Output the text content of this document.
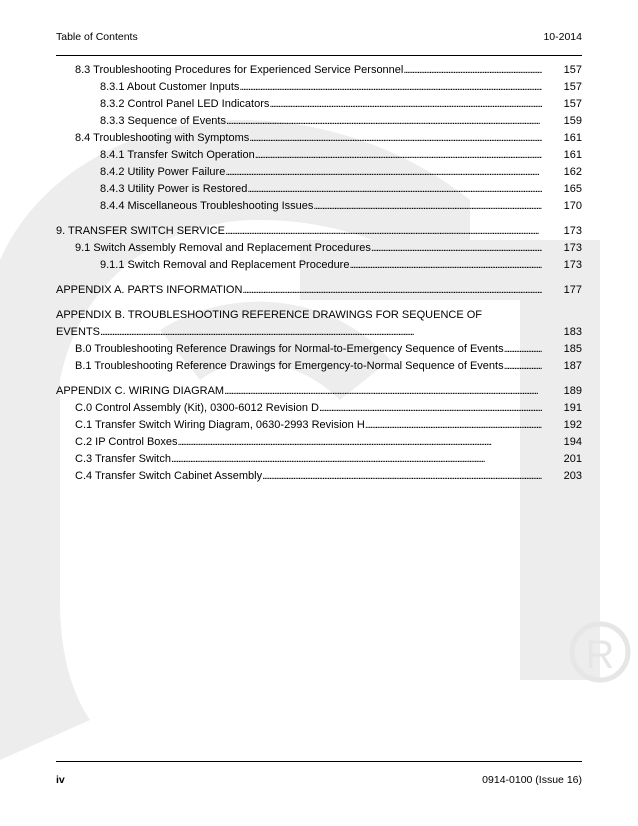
R
Table of Contents	10-2014
8.3 Troubleshooting Procedures for Experienced Service Personnel . . .	157
8.3.1 About Customer Inputs . . .	157
8.3.2 Control Panel LED Indicators . . .	157
8.3.3 Sequence of Events . . .	159
8.4 Troubleshooting with Symptoms . . .	161
8.4.1 Transfer Switch Operation . . .	161
8.4.2 Utility Power Failure . . .	162
8.4.3 Utility Power is Restored . . .	165
8.4.4 Miscellaneous Troubleshooting Issues . . .	170
9. TRANSFER SWITCH SERVICE . . .	173
9.1 Switch Assembly Removal and Replacement Procedures . . .	173
9.1.1 Switch Removal and Replacement Procedure . . .	173
APPENDIX A. PARTS INFORMATION . . .	177
APPENDIX B. TROUBLESHOOTING REFERENCE DRAWINGS FOR SEQUENCE OF
EVENTS . . .	183
B.0 Troubleshooting Reference Drawings for Normal-to-Emergency Sequence of Events . . .	185
B.1 Troubleshooting Reference Drawings for Emergency-to-Normal Sequence of Events . . .	187
APPENDIX C. WIRING DIAGRAM . . .	189
C.0 Control Assembly (Kit), 0300-6012 Revision D . . .	191
C.1 Transfer Switch Wiring Diagram, 0630-2993 Revision H . . .	192
C.2 IP Control Boxes . . .	194
C.3 Transfer Switch . . .	201
C.4 Transfer Switch Cabinet Assembly . . .	203
iv	0914-0100 (Issue 16)
